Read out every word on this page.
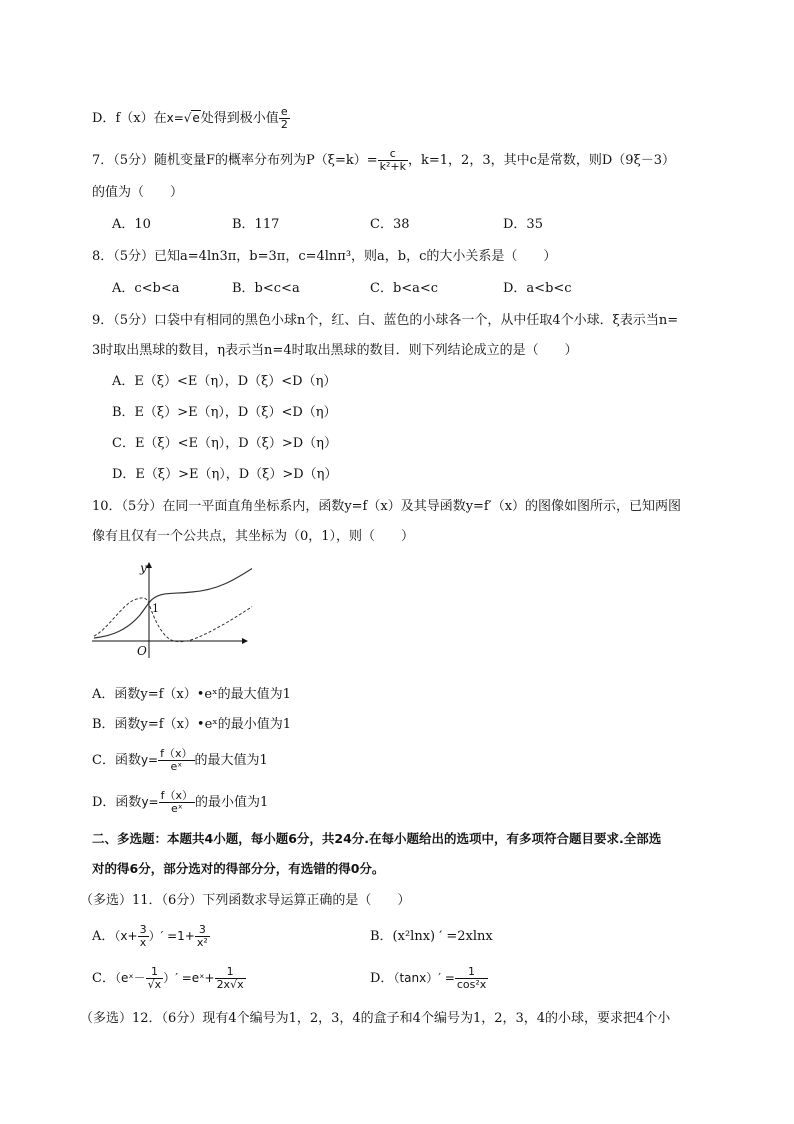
D．f（x）在x=√e处得到极小值 $\frac{e}{2}$
7．（5分）随机变量F的概率分布列为$P(\xi=k)= \frac{c}{\text{k²+k}}$ ，k=1，2，3，其中c是常数，则D（9ξ－3）
的值为（　　）
A．10	B．117	C．38	D．35
8．（5分）已知a=4ln3π，b=3π，c=4lnπ³，则a，b，c的大小关系是（　　）
A．c<b<a	B．b<c<a	C．b<a<c	D．a<b<c
9．（5分）口袋中有相同的黑色小球n个，红、白、蓝色的小球各一个，从中任取4个小球．ξ表示当n=
3时取出黑球的数目，η表示当n=4时取出黑球的数目．则下列结论成立的是（　　）
A．E（ξ）<E（η），D（ξ）<D（η）
B．E（ξ）>E（η），D（ξ）<D（η）
C．E（ξ）<E（η），D（ξ）>D（η）
D．E（ξ）>E（η），D（ξ）>D（η）
10．（5分）在同一平面直角坐标系内，函数y=f（x）及其导函数y=f′（x）的图像如图所示，已知两图
像有且仅有一个公共点，其坐标为（0，1），则（　　）
y
O
1
A．函数y=f（x）•eˣ的最大值为1
B．函数y=f（x）•eˣ的最小值为1
C．函数$y= \frac{f(x)}{\text{eˣ}}$ 的最大值为1
D．函数$y= \frac{f(x)}{\text{eˣ}}$ 的最小值为1
二、多选题：本题共4小题，每小题6分，共24分.在每小题给出的选项中，有多项符合题目要求.全部选
对的得6分，部分选对的得部分分，有选错的得0分。
（多选）11．（6分）下列函数求导运算正确的是（　　）
A．（$x+ \frac{3}{x}$ ）′ $=1+ \frac{3}{\text{x²}}$	B．(x²lnx) ′ =2xlnx
C．（eˣ－ $\frac{1}{√x}$ ）′ =eˣ+ $\frac{1}{2x√x}$	D．$(\tan x)' = \frac{1}{\text{cos²x}}$
（多选）12．（6分）现有4个编号为1，2，3，4的盒子和4个编号为1，2，3，4的小球，要求把4个小
